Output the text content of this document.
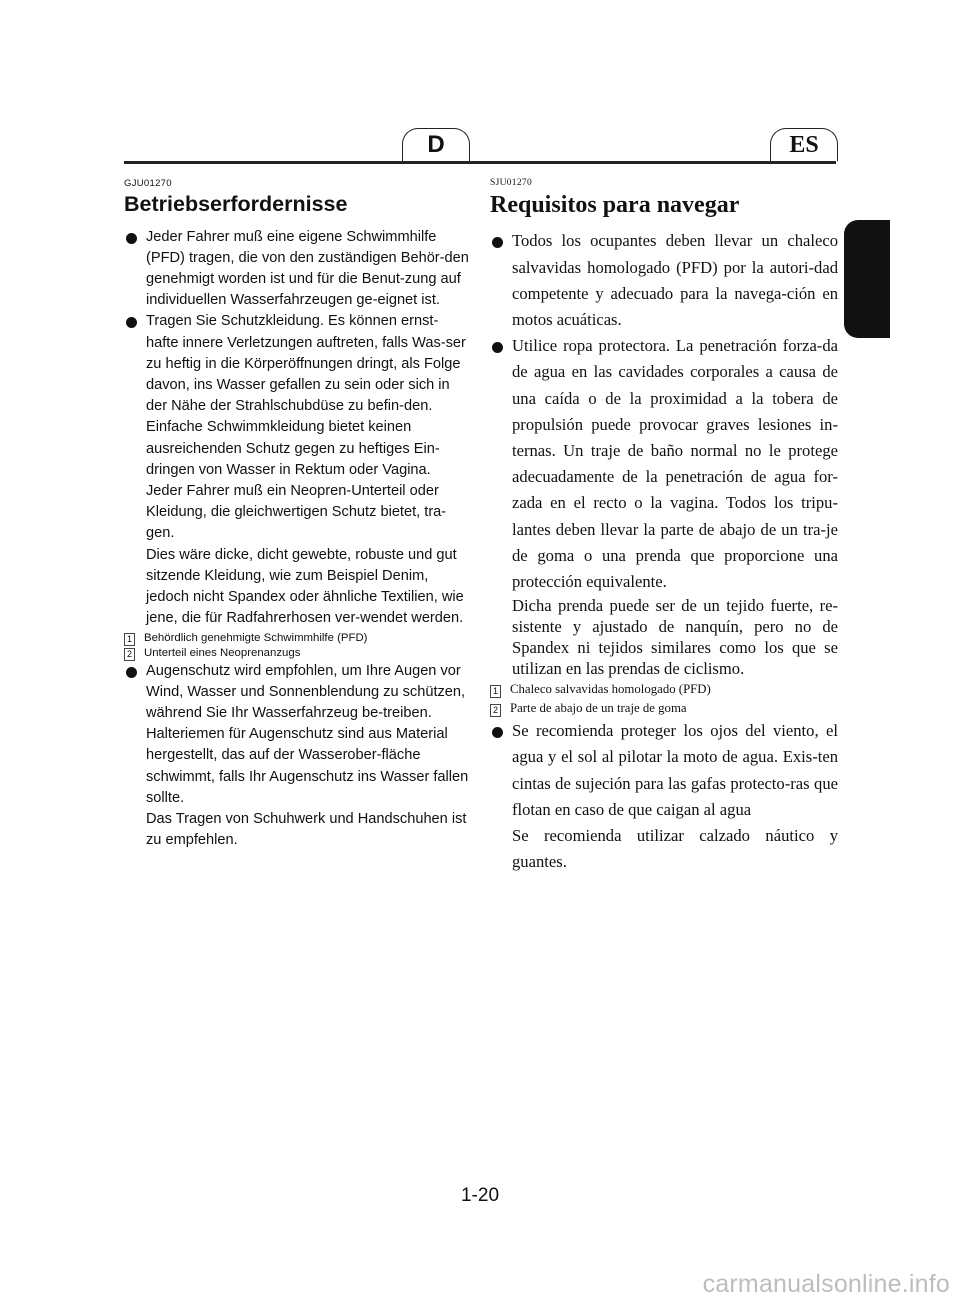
D	ES
GJU01270
Betriebserfordernisse

Jeder Fahrer muß eine eigene Schwimmhilfe (PFD) tragen, die von den zuständigen Behör-den genehmigt worden ist und für die Benut-zung auf individuellen Wasserfahrzeugen ge-eignet ist.

Tragen Sie Schutzkleidung. Es können ernst-hafte innere Verletzungen auftreten, falls Was-ser zu heftig in die Körperöffnungen dringt, als Folge davon, ins Wasser gefallen zu sein oder sich in der Nähe der Strahlschubdüse zu befin-den. Einfache Schwimmkleidung bietet keinen ausreichenden Schutz gegen zu heftiges Ein-dringen von Wasser in Rektum oder Vagina. Jeder Fahrer muß ein Neopren-Unterteil oder Kleidung, die gleichwertigen Schutz bietet, tra-gen.

Dies wäre dicke, dicht gewebte, robuste und gut sitzende Kleidung, wie zum Beispiel Denim, jedoch nicht Spandex oder ähnliche Textilien, wie jene, die für Radfahrerhosen ver-wendet werden.

1 Behördlich genehmigte Schwimmhilfe (PFD)
2 Unterteil eines Neoprenanzugs

Augenschutz wird empfohlen, um Ihre Augen vor Wind, Wasser und Sonnenblendung zu schützen, während Sie Ihr Wasserfahrzeug be-treiben. Halteriemen für Augenschutz sind aus Material hergestellt, das auf der Wasserober-fläche schwimmt, falls Ihr Augenschutz ins Wasser fallen sollte.

Das Tragen von Schuhwerk und Handschuhen ist zu empfehlen.

SJU01270
Requisitos para navegar

Todos los ocupantes deben llevar un chaleco salvavidas homologado (PFD) por la autori-dad competente y adecuado para la navega-ción en motos acuáticas.

Utilice ropa protectora. La penetración forza-da de agua en las cavidades corporales a causa de una caída o de la proximidad a la tobera de propulsión puede provocar graves lesiones in-ternas. Un traje de baño normal no le protege adecuadamente de la penetración de agua for-zada en el recto o la vagina. Todos los tripu-lantes deben llevar la parte de abajo de un tra-je de goma o una prenda que proporcione una protección equivalente.

Dicha prenda puede ser de un tejido fuerte, re-sistente y ajustado de nanquín, pero no de Spandex ni tejidos similares como los que se utilizan en las prendas de ciclismo.

1 Chaleco salvavidas homologado (PFD)
2 Parte de abajo de un traje de goma

Se recomienda proteger los ojos del viento, el agua y el sol al pilotar la moto de agua. Exis-ten cintas de sujeción para las gafas protecto-ras que flotan en caso de que caigan al agua

Se recomienda utilizar calzado náutico y guantes.

1-20
carmanualsonline.info
